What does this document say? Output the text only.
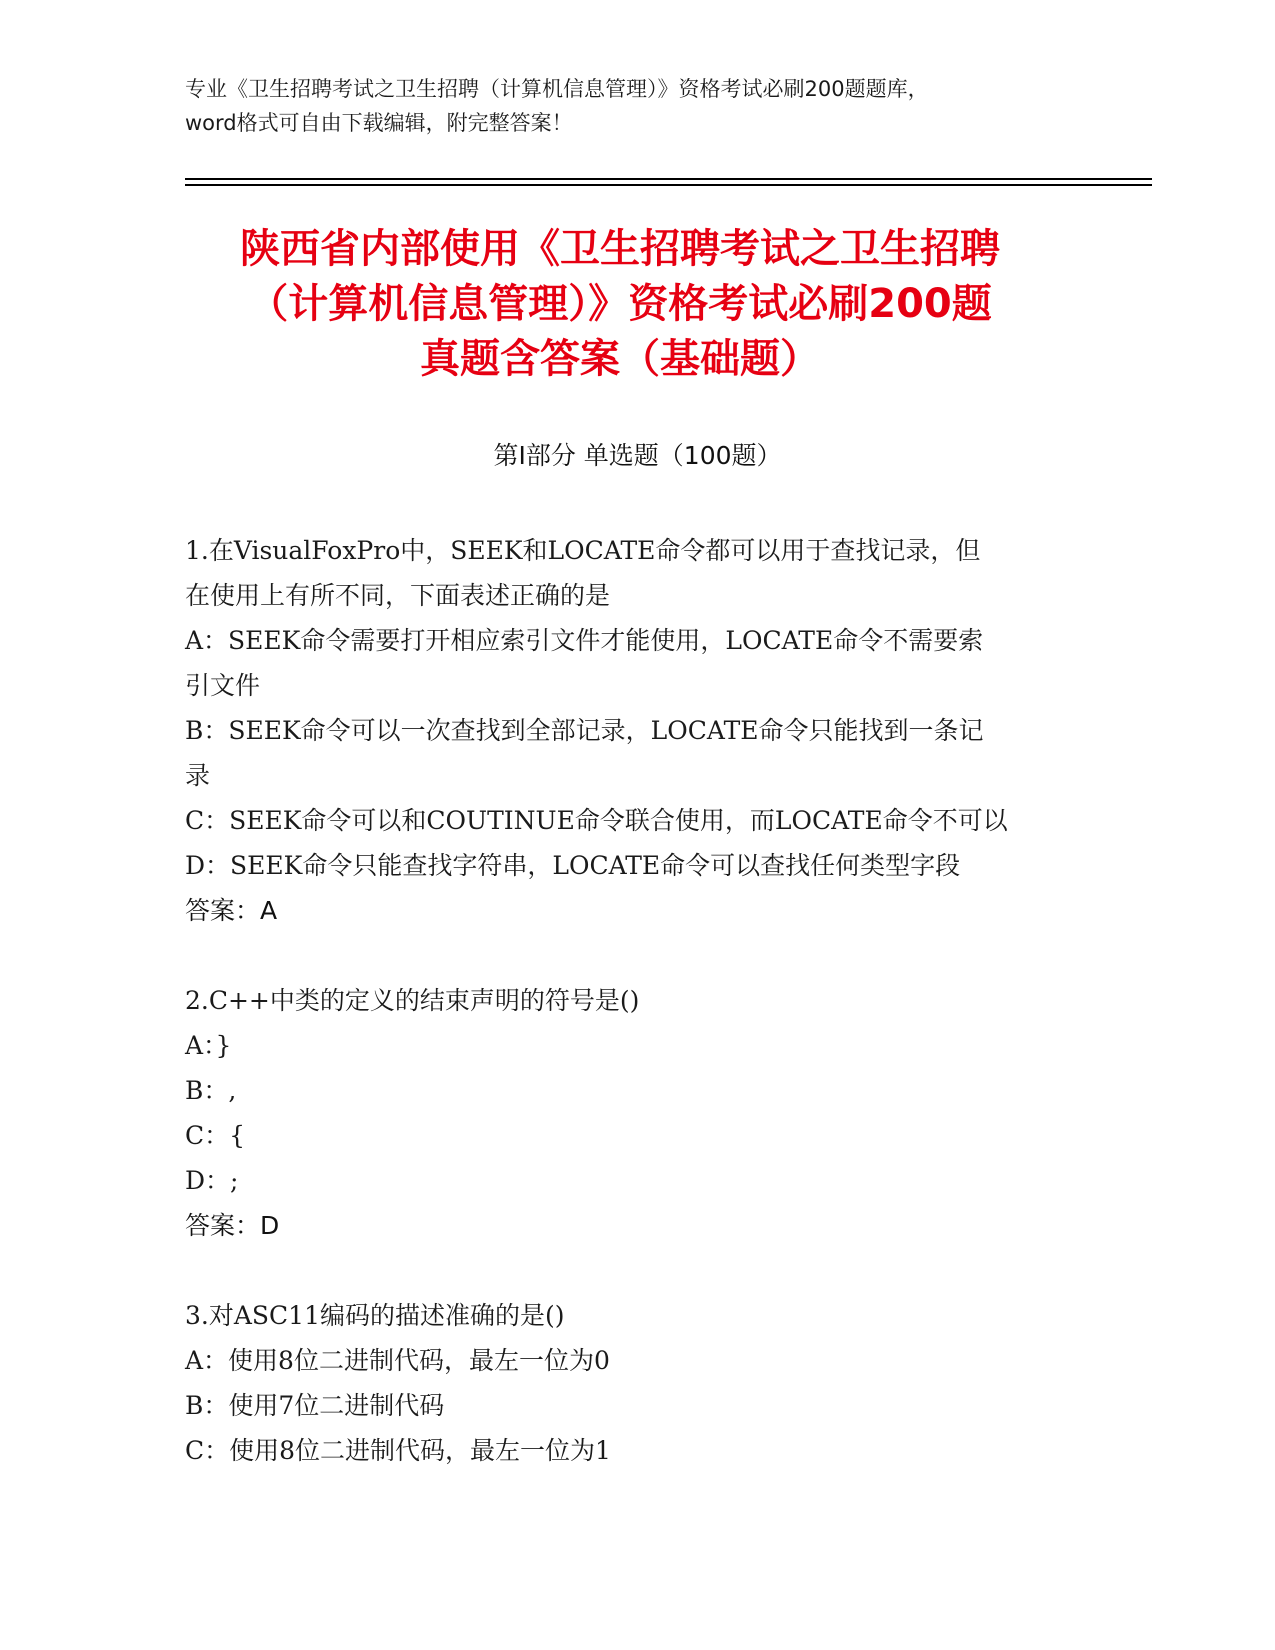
专业《卫生招聘考试之卫生招聘（计算机信息管理）》资格考试必刷200题题库，
word格式可自由下载编辑，附完整答案！
陕西省内部使用《卫生招聘考试之卫生招聘
（计算机信息管理）》资格考试必刷200题
真题含答案（基础题）
第Ⅰ部分 单选题（100题）
1.在VisualFoxPro中，SEEK和LOCATE命令都可以用于查找记录，但
在使用上有所不同，下面表述正确的是
A：SEEK命令需要打开相应索引文件才能使用，LOCATE命令不需要索
引文件
B：SEEK命令可以一次查找到全部记录，LOCATE命令只能找到一条记
录
C：SEEK命令可以和COUTINUE命令联合使用，而LOCATE命令不可以
D：SEEK命令只能查找字符串，LOCATE命令可以查找任何类型字段
答案：A
2.C++中类的定义的结束声明的符号是()
A：}
B：,
C：{
D：;
答案：D
3.对ASC11编码的描述准确的是()
A：使用8位二进制代码，最左一位为0
B：使用7位二进制代码
C：使用8位二进制代码，最左一位为1
